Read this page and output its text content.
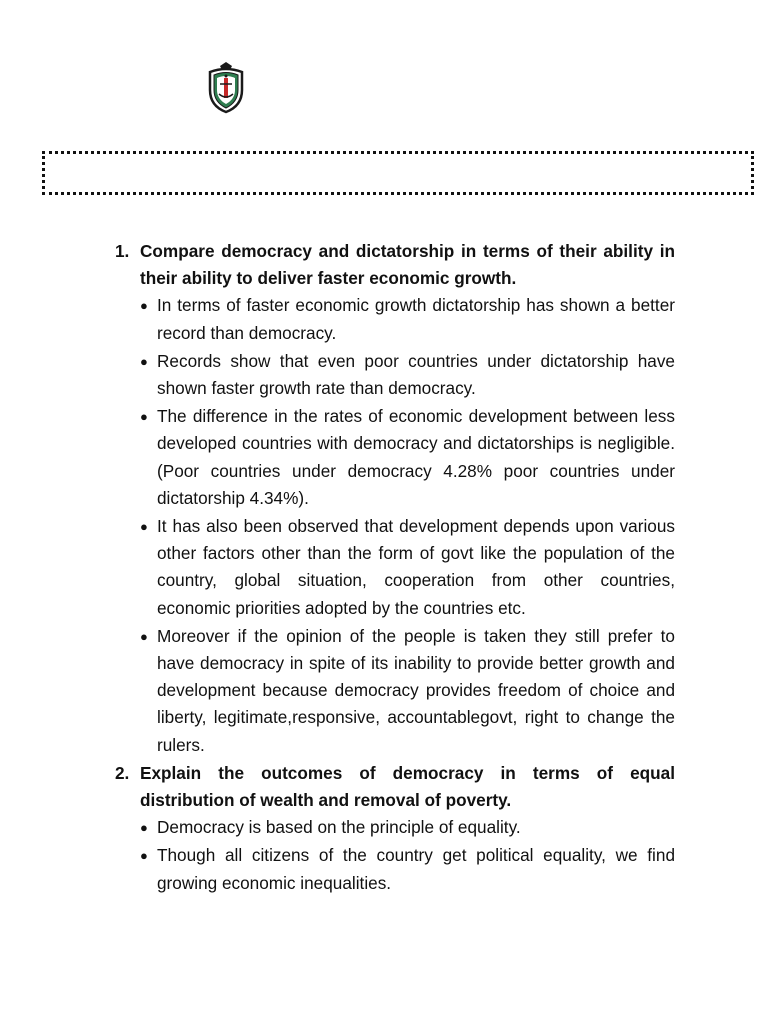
1. Compare democracy and dictatorship in terms of their ability in their ability to deliver faster economic growth.
● In terms of faster economic growth dictatorship has shown a better record than democracy.
● Records show that even poor countries under dictatorship have shown faster growth rate than democracy.
● The difference in the rates of economic development between less developed countries with democracy and dictatorships is negligible. (Poor countries under democracy 4.28% poor countries under dictatorship 4.34%).
● It has also been observed that development depends upon various other factors other than the form of govt like the population of the country, global situation, cooperation from other countries, economic priorities adopted by the countries etc.
● Moreover if the opinion of the people is taken they still prefer to have democracy in spite of its inability to provide better growth and development because democracy provides freedom of choice and liberty, legitimate,responsive, accountablegovt, right to change the rulers.
2. Explain the outcomes of democracy in terms of equal distribution of wealth and removal of poverty.
● Democracy is based on the principle of equality.
● Though all citizens of the country get political equality, we find growing economic inequalities.
